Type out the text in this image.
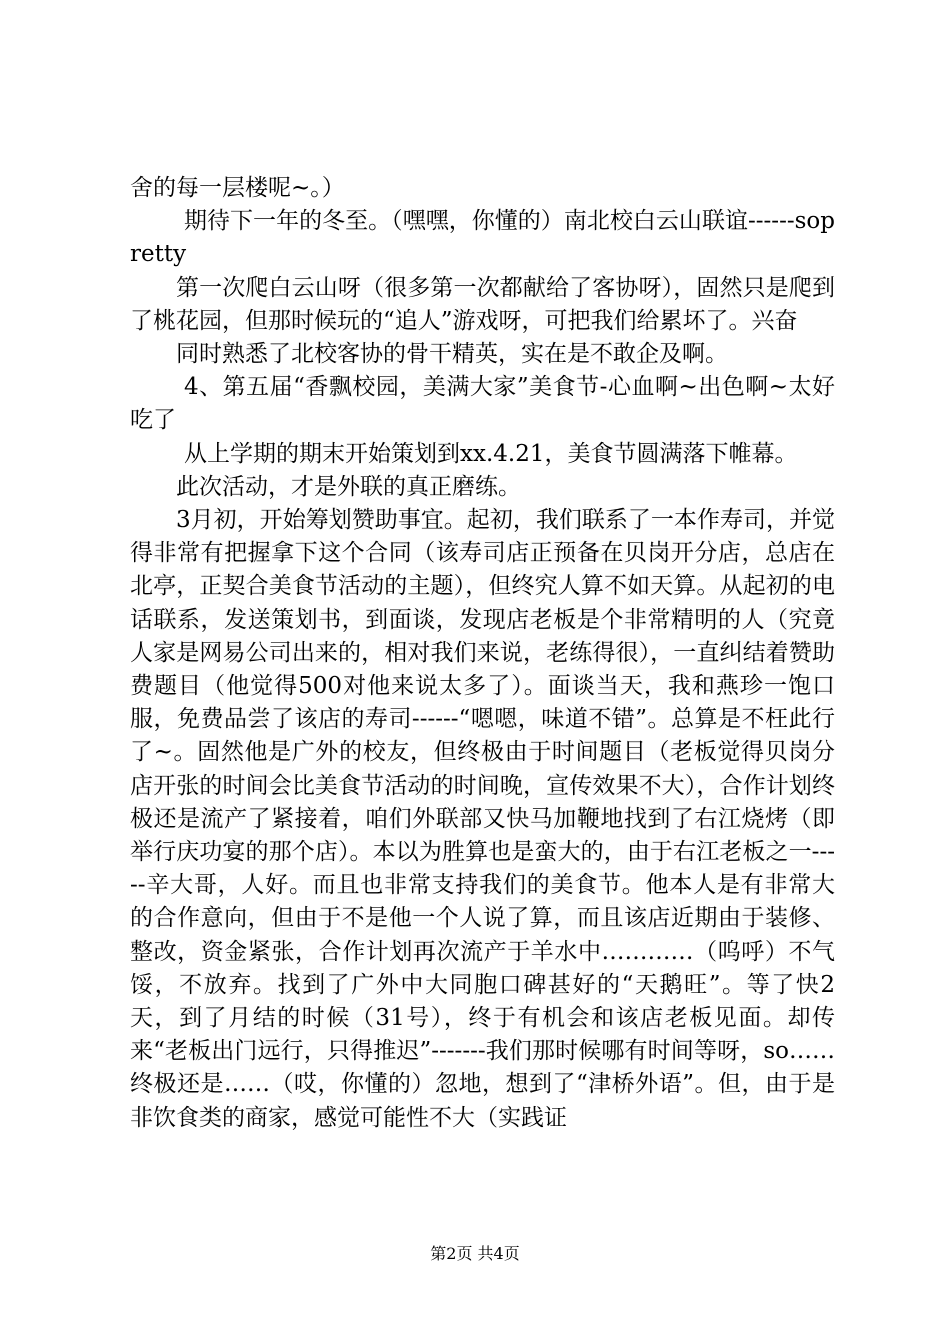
舍的每一层楼呢~。）

期待下一年的冬至。（嘿嘿，你懂的）南北校白云山联谊------sopretty

第一次爬白云山呀（很多第一次都献给了客协呀），固然只是爬到了桃花园，但那时候玩的“追人”游戏呀，可把我们给累坏了。兴奋

同时熟悉了北校客协的骨干精英，实在是不敢企及啊。

4、第五届“香飘校园，美满大家”美食节-心血啊~出色啊~太好吃了

从上学期的期末开始策划到xx.4.21，美食节圆满落下帷幕。

此次活动，才是外联的真正磨练。

3月初，开始筹划赞助事宜。起初，我们联系了一本作寿司，并觉得非常有把握拿下这个合同（该寿司店正预备在贝岗开分店，总店在北亭，正契合美食节活动的主题），但终究人算不如天算。从起初的电话联系，发送策划书，到面谈，发现店老板是个非常精明的人（究竟人家是网易公司出来的，相对我们来说，老练得很），一直纠结着赞助费题目（他觉得500对他来说太多了）。面谈当天，我和燕珍一饱口服，免费品尝了该店的寿司------“嗯嗯，味道不错”。总算是不枉此行了~。固然他是广外的校友，但终极由于时间题目（老板觉得贝岗分店开张的时间会比美食节活动的时间晚，宣传效果不大），合作计划终极还是流产了紧接着，咱们外联部又快马加鞭地找到了右江烧烤（即举行庆功宴的那个店）。本以为胜算也是蛮大的，由于右江老板之一-----辛大哥，人好。而且也非常支持我们的美食节。他本人是有非常大的合作意向，但由于不是他一个人说了算，而且该店近期由于装修、整改，资金紧张，合作计划再次流产于羊水中…………（呜呼）不气馁，不放弃。找到了广外中大同胞口碑甚好的“天鹅旺”。等了快2天，到了月结的时候（31号），终于有机会和该店老板见面。却传来“老板出门远行，只得推迟”-------我们那时候哪有时间等呀，so……终极还是……（哎，你懂的）忽地，想到了“津桥外语”。但，由于是非饮食类的商家，感觉可能性不大（实践证

第2页 共4页
